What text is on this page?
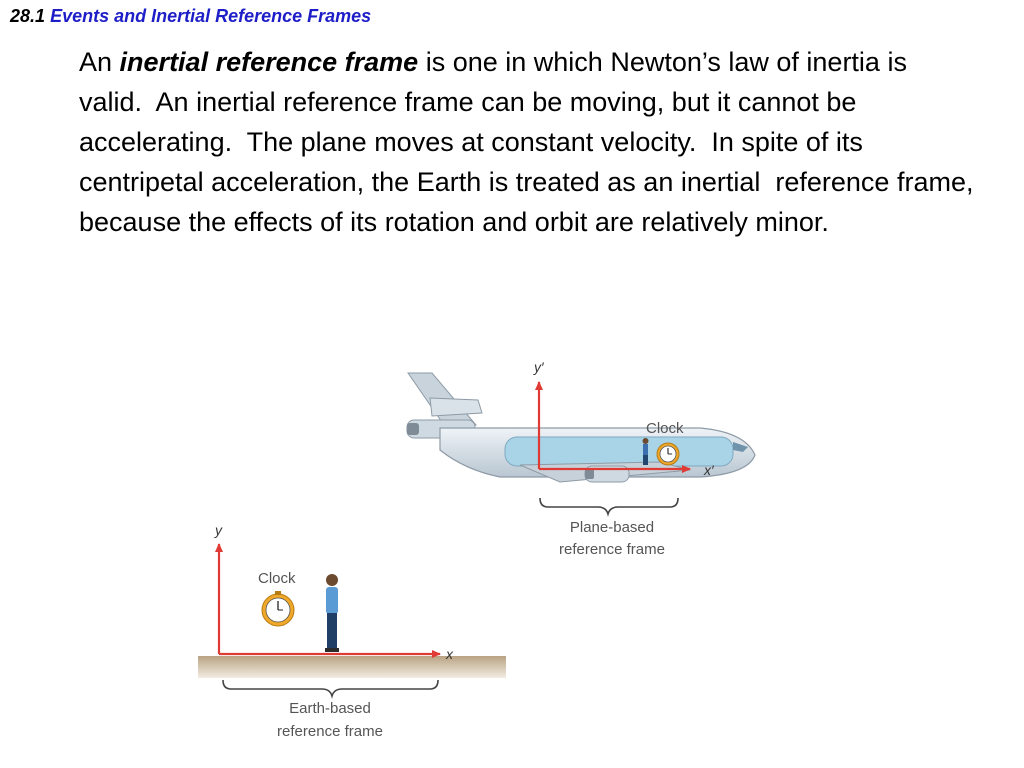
28.1 Events and Inertial Reference Frames
An inertial reference frame is one in which Newton’s law of inertia is valid.  An inertial reference frame can be moving, but it cannot be accelerating.  The plane moves at constant velocity.  In spite of its centripetal acceleration, the Earth is treated as an inertial  reference frame, because the effects of its rotation and orbit are relatively minor.
Clock
y′
x′
Plane-based
reference frame
Clock
y
x
Earth-based
reference frame
